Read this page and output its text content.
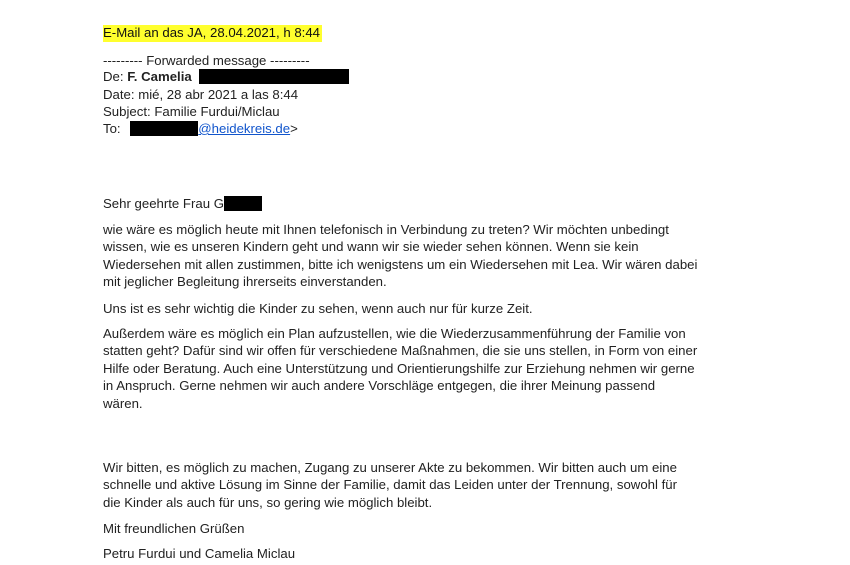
E-Mail an das JA, 28.04.2021, h 8:44
--------- Forwarded message ---------
De: F. Camelia
Date: mié, 28 abr 2021 a las 8:44
Subject: Familie Furdui/Miclau
To:	@heidekreis.de>
Sehr geehrte Frau G
wie wäre es möglich heute mit Ihnen telefonisch in Verbindung zu treten? Wir möchten unbedingt
wissen, wie es unseren Kindern geht und wann wir sie wieder sehen können. Wenn sie kein
Wiedersehen mit allen zustimmen, bitte ich wenigstens um ein Wiedersehen mit Lea. Wir wären dabei
mit jeglicher Begleitung ihrerseits einverstanden.
Uns ist es sehr wichtig die Kinder zu sehen, wenn auch nur für kurze Zeit.
Außerdem wäre es möglich ein Plan aufzustellen, wie die Wiederzusammenführung der Familie von
statten geht? Dafür sind wir offen für verschiedene Maßnahmen, die sie uns stellen, in Form von einer
Hilfe oder Beratung. Auch eine Unterstützung und Orientierungshilfe zur Erziehung nehmen wir gerne
in Anspruch. Gerne nehmen wir auch andere Vorschläge entgegen, die ihrer Meinung passend
wären.
Wir bitten, es möglich zu machen, Zugang zu unserer Akte zu bekommen. Wir bitten auch um eine
schnelle und aktive Lösung im Sinne der Familie, damit das Leiden unter der Trennung, sowohl für
die Kinder als auch für uns, so gering wie möglich bleibt.
Mit freundlichen Grüßen
Petru Furdui und Camelia Miclau
